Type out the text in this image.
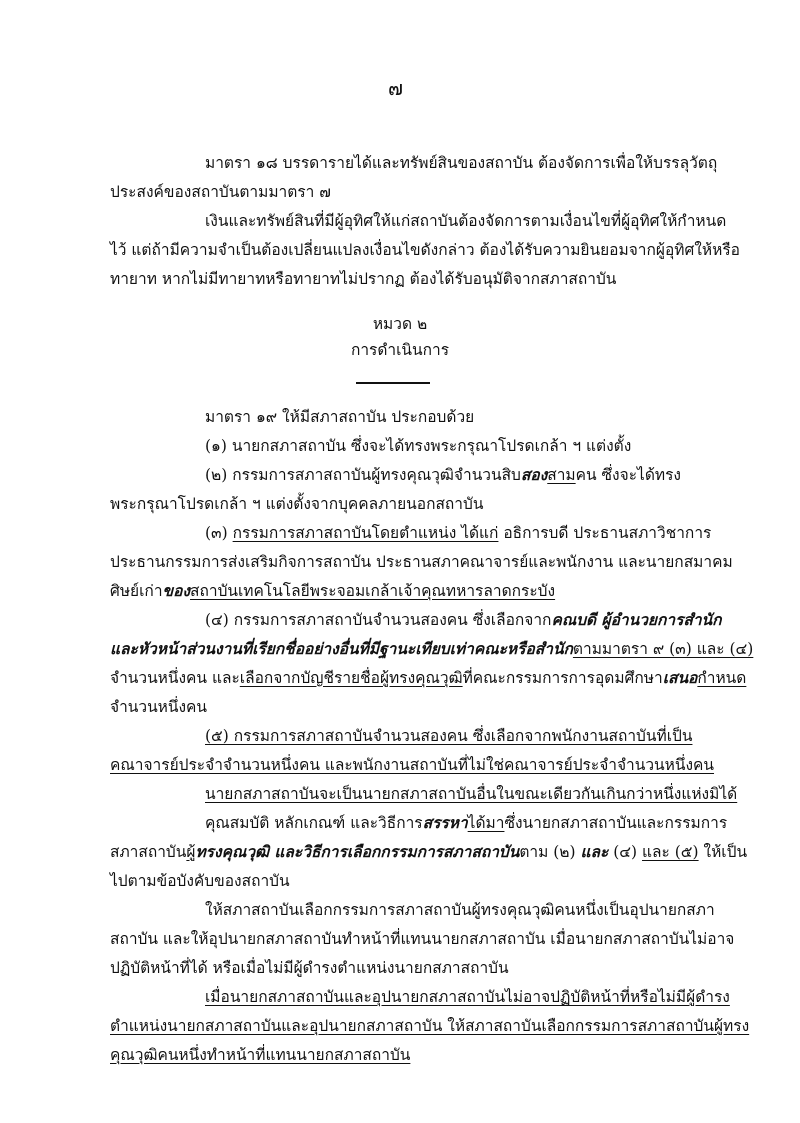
๗
มาตรา ๑๘ บรรดารายได้และทรัพย์สินของสถาบัน ต้องจัดการเพื่อให้บรรลุวัตถุ
ประสงค์ของสถาบันตามมาตรา ๗
เงินและทรัพย์สินที่มีผู้อุทิศให้แก่สถาบันต้องจัดการตามเงื่อนไขที่ผู้อุทิศให้กำหนด
ไว้ แต่ถ้ามีความจำเป็นต้องเปลี่ยนแปลงเงื่อนไขดังกล่าว ต้องได้รับความยินยอมจากผู้อุทิศให้หรือ
ทายาท หากไม่มีทายาทหรือทายาทไม่ปรากฏ ต้องได้รับอนุมัติจากสภาสถาบัน
หมวด ๒
การดำเนินการ
มาตรา ๑๙ ให้มีสภาสถาบัน ประกอบด้วย
(๑) นายกสภาสถาบัน ซึ่งจะได้ทรงพระกรุณาโปรดเกล้า ฯ แต่งตั้ง
(๒) กรรมการสภาสถาบันผู้ทรงคุณวุฒิจำนวนสิบสองสามคน ซึ่งจะได้ทรง
พระกรุณาโปรดเกล้า ฯ แต่งตั้งจากบุคคลภายนอกสถาบัน
(๓) กรรมการสภาสถาบันโดยตำแหน่ง ได้แก่ อธิการบดี ประธานสภาวิชาการ
ประธานกรรมการส่งเสริมกิจการสถาบัน ประธานสภาคณาจารย์และพนักงาน และนายกสมาคม
ศิษย์เก่าของสถาบันเทคโนโลยีพระจอมเกล้าเจ้าคุณทหารลาดกระบัง
(๔) กรรมการสภาสถาบันจำนวนสองคน ซึ่งเลือกจากคณบดี ผู้อำนวยการสำนัก
และหัวหน้าส่วนงานที่เรียกชื่ออย่างอื่นที่มีฐานะเทียบเท่าคณะหรือสำนักตามมาตรา ๙ (๓) และ (๔)
จำนวนหนึ่งคน และเลือกจากบัญชีรายชื่อผู้ทรงคุณวุฒิที่คณะกรรมการการอุดมศึกษาเสนอกำหนด
จำนวนหนึ่งคน
(๕) กรรมการสภาสถาบันจำนวนสองคน ซึ่งเลือกจากพนักงานสถาบันที่เป็น
คณาจารย์ประจำจำนวนหนึ่งคน และพนักงานสถาบันที่ไม่ใช่คณาจารย์ประจำจำนวนหนึ่งคน
นายกสภาสถาบันจะเป็นนายกสภาสถาบันอื่นในขณะเดียวกันเกินกว่าหนึ่งแห่งมิได้
คุณสมบัติ หลักเกณฑ์ และวิธีการสรรหาได้มาซึ่งนายกสภาสถาบันและกรรมการ
สภาสถาบันผู้ทรงคุณวุฒิ และวิธีการเลือกกรรมการสภาสถาบันตาม (๒) และ (๔) และ (๕) ให้เป็น
ไปตามข้อบังคับของสถาบัน
ให้สภาสถาบันเลือกกรรมการสภาสถาบันผู้ทรงคุณวุฒิคนหนึ่งเป็นอุปนายกสภา
สถาบัน และให้อุปนายกสภาสถาบันทำหน้าที่แทนนายกสภาสถาบัน เมื่อนายกสภาสถาบันไม่อาจ
ปฏิบัติหน้าที่ได้ หรือเมื่อไม่มีผู้ดำรงตำแหน่งนายกสภาสถาบัน
เมื่อนายกสภาสถาบันและอุปนายกสภาสถาบันไม่อาจปฏิบัติหน้าที่หรือไม่มีผู้ดำรง
ตำแหน่งนายกสภาสถาบันและอุปนายกสภาสถาบัน ให้สภาสถาบันเลือกกรรมการสภาสถาบันผู้ทรง
คุณวุฒิคนหนึ่งทำหน้าที่แทนนายกสภาสถาบัน
